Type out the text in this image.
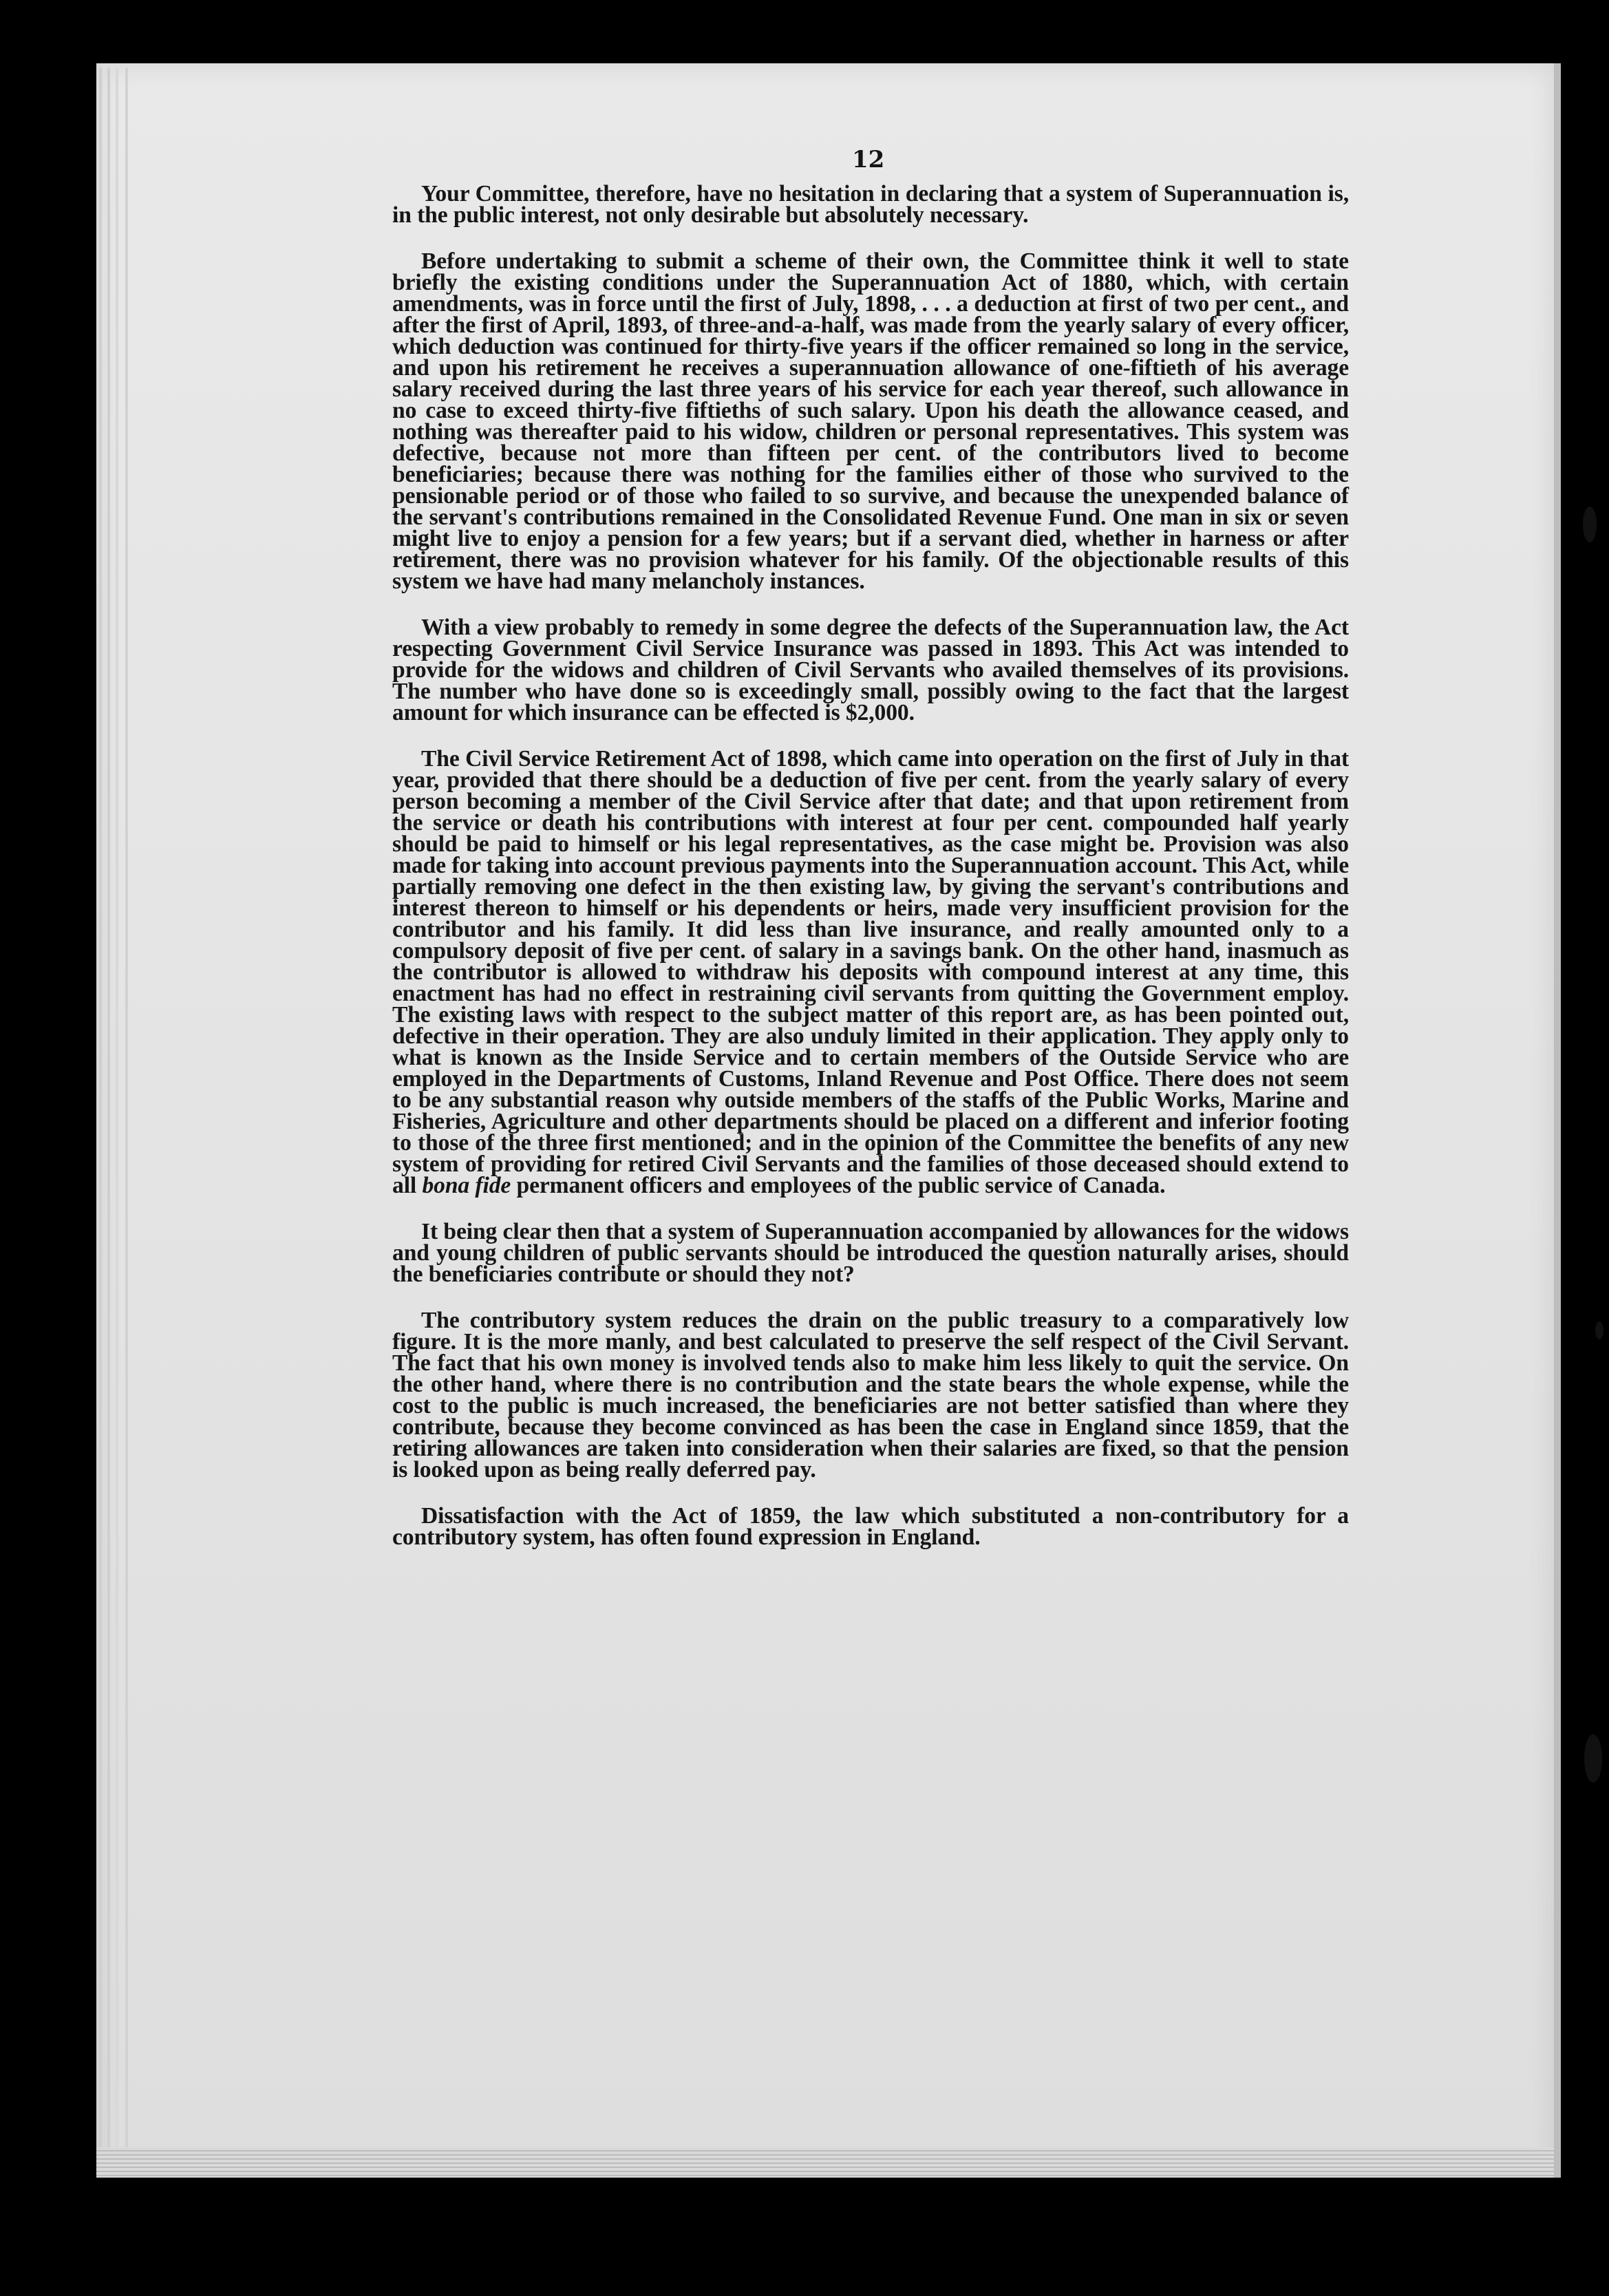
12

Your Committee, therefore, have no hesitation in declaring that a system of Superannuation is, in the public interest, not only desirable but absolutely necessary.

Before undertaking to submit a scheme of their own, the Committee think it well to state briefly the existing conditions under the Superannuation Act of 1880, which, with certain amendments, was in force until the first of July, 1898, . . . a deduction at first of two per cent., and after the first of April, 1893, of three-and-a-half, was made from the yearly salary of every officer, which deduction was continued for thirty-five years if the officer remained so long in the service, and upon his retirement he receives a superannuation allowance of one-fiftieth of his average salary received during the last three years of his service for each year thereof, such allowance in no case to exceed thirty-five fiftieths of such salary. Upon his death the allowance ceased, and nothing was thereafter paid to his widow, children or personal representatives. This system was defective, because not more than fifteen per cent. of the contributors lived to become beneficiaries; because there was nothing for the families either of those who survived to the pensionable period or of those who failed to so survive, and because the unexpended balance of the servant's contributions remained in the Consolidated Revenue Fund. One man in six or seven might live to enjoy a pension for a few years; but if a servant died, whether in harness or after retirement, there was no provision whatever for his family. Of the objectionable results of this system we have had many melancholy instances.

With a view probably to remedy in some degree the defects of the Superannuation law, the Act respecting Government Civil Service Insurance was passed in 1893. This Act was intended to provide for the widows and children of Civil Servants who availed themselves of its provisions. The number who have done so is exceedingly small, possibly owing to the fact that the largest amount for which insurance can be effected is $2,000.

The Civil Service Retirement Act of 1898, which came into operation on the first of July in that year, provided that there should be a deduction of five per cent. from the yearly salary of every person becoming a member of the Civil Service after that date; and that upon retirement from the service or death his contributions with interest at four per cent. compounded half yearly should be paid to himself or his legal representatives, as the case might be. Provision was also made for taking into account previous payments into the Superannuation account. This Act, while partially removing one defect in the then existing law, by giving the servant's contributions and interest thereon to himself or his dependents or heirs, made very insufficient provision for the contributor and his family. It did less than live insurance, and really amounted only to a compulsory deposit of five per cent. of salary in a savings bank. On the other hand, inasmuch as the contributor is allowed to withdraw his deposits with compound interest at any time, this enactment has had no effect in restraining civil servants from quitting the Government employ. The existing laws with respect to the subject matter of this report are, as has been pointed out, defective in their operation. They are also unduly limited in their application. They apply only to what is known as the Inside Service and to certain members of the Outside Service who are employed in the Departments of Customs, Inland Revenue and Post Office. There does not seem to be any substantial reason why outside members of the staffs of the Public Works, Marine and Fisheries, Agriculture and other departments should be placed on a different and inferior footing to those of the three first mentioned; and in the opinion of the Committee the benefits of any new system of providing for retired Civil Servants and the families of those deceased should extend to all bona fide permanent officers and employees of the public service of Canada.

It being clear then that a system of Superannuation accompanied by allowances for the widows and young children of public servants should be introduced the question naturally arises, should the beneficiaries contribute or should they not?

The contributory system reduces the drain on the public treasury to a comparatively low figure. It is the more manly, and best calculated to preserve the self respect of the Civil Servant. The fact that his own money is involved tends also to make him less likely to quit the service. On the other hand, where there is no contribution and the state bears the whole expense, while the cost to the public is much increased, the beneficiaries are not better satisfied than where they contribute, because they become convinced as has been the case in England since 1859, that the retiring allowances are taken into consideration when their salaries are fixed, so that the pension is looked upon as being really deferred pay.

Dissatisfaction with the Act of 1859, the law which substituted a non-contributory for a contributory system, has often found expression in England.
